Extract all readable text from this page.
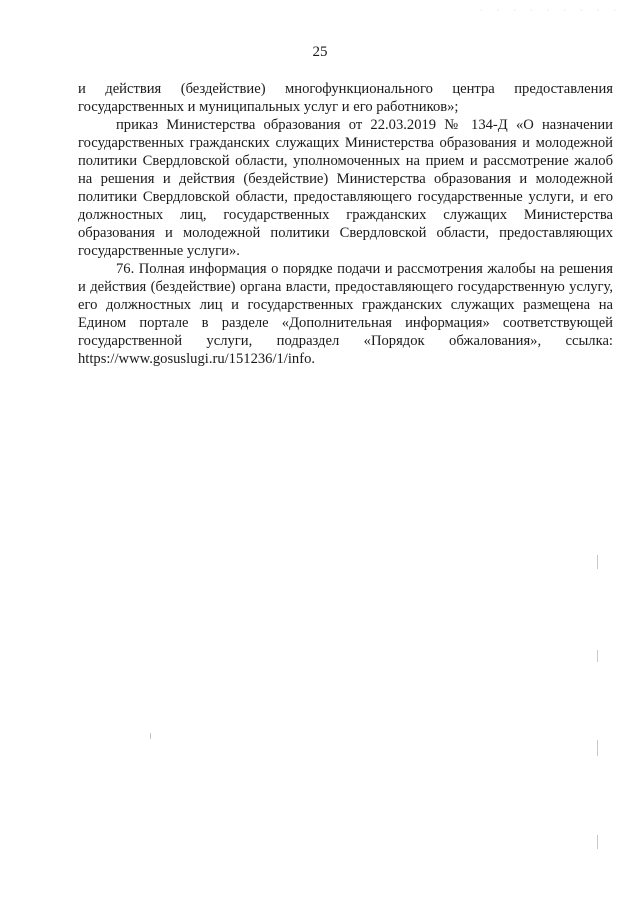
· · · · · · · · ·
25

и действия (бездействие) многофункционального центра предоставления государственных и муниципальных услуг и его работников»;

приказ Министерства образования от 22.03.2019 № 134-Д «О назначении государственных гражданских служащих Министерства образования и молодежной политики Свердловской области, уполномоченных на прием и рассмотрение жалоб на решения и действия (бездействие) Министерства образования и молодежной политики Свердловской области, предоставляющего государственные услуги, и его должностных лиц, государственных гражданских служащих Министерства образования и молодежной политики Свердловской области, предоставляющих государственные услуги».

76. Полная информация о порядке подачи и рассмотрения жалобы на решения и действия (бездействие) органа власти, предоставляющего государственную услугу, его должностных лиц и государственных гражданских служащих размещена на Едином портале в разделе «Дополнительная информация» соответствующей государственной услуги, подраздел «Порядок обжалования», ссылка: https://www.gosuslugi.ru/151236/1/info.
